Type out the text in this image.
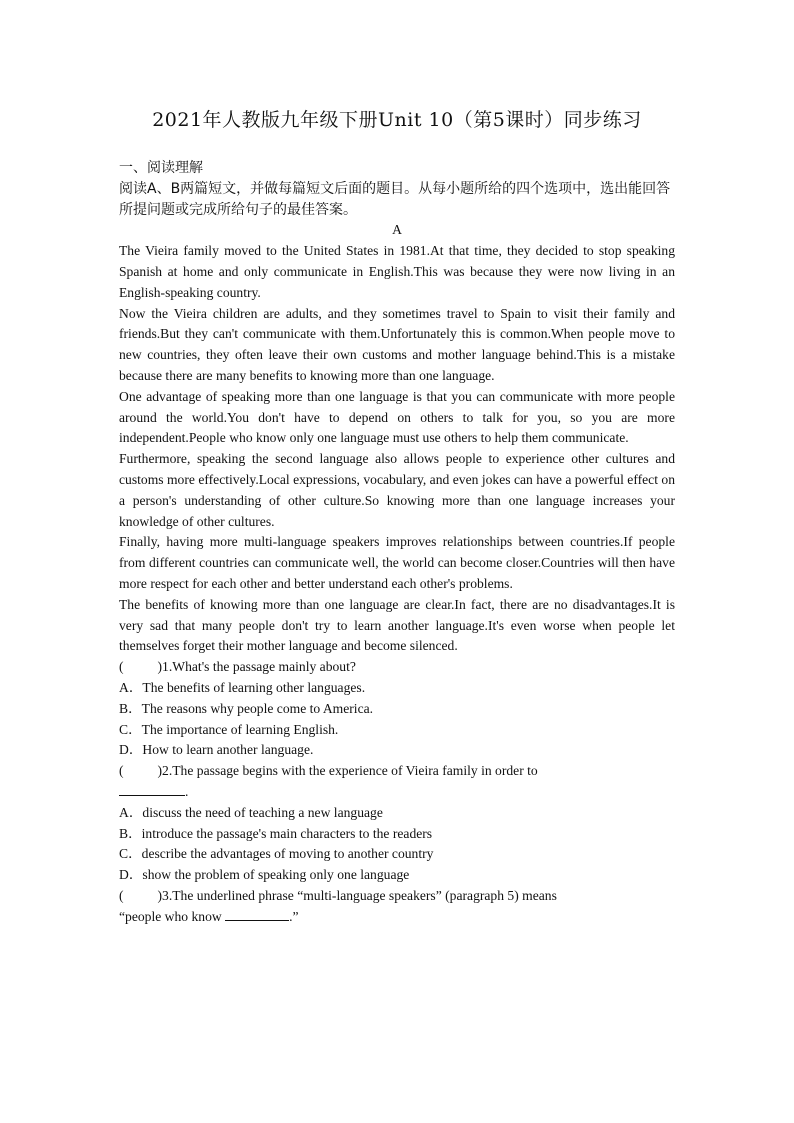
2021年人教版九年级下册Unit 10（第5课时）同步练习

一、阅读理解

阅读A、B两篇短文，并做每篇短文后面的题目。从每小题所给的四个选项中，选出能回答所提问题或完成所给句子的最佳答案。

A

The Vieira family moved to the United States in 1981.At that time, they decided to stop speaking Spanish at home and only communicate in English.This was because they were now living in an English-speaking country.

Now the Vieira children are adults, and they sometimes travel to Spain to visit their family and friends.But they can't communicate with them.Unfortunately this is common.When people move to new countries, they often leave their own customs and mother language behind.This is a mistake because there are many benefits to knowing more than one language.

One advantage of speaking more than one language is that you can communicate with more people around the world.You don't have to depend on others to talk for you, so you are more independent.People who know only one language must use others to help them communicate.

Furthermore, speaking the second language also allows people to experience other cultures and customs more effectively.Local expressions, vocabulary, and even jokes can have a powerful effect on a person's understanding of other culture.So knowing more than one language increases your knowledge of other cultures.

Finally, having more multi-language speakers improves relationships between countries.If people from different countries can communicate well, the world can become closer.Countries will then have more respect for each other and better understand each other's problems.

The benefits of knowing more than one language are clear.In fact, there are no disadvantages.It is very sad that many people don't try to learn another language.It's even worse when people let themselves forget their mother language and become silenced.

(	)1.What's the passage mainly about?

A．The benefits of learning other languages.

B．The reasons why people come to America.

C．The importance of learning English.

D．How to learn another language.

(	)2.The passage begins with the experience of Vieira family in order to

.

A．discuss the need of teaching a new language

B．introduce the passage's main characters to the readers

C．describe the advantages of moving to another country

D．show the problem of speaking only one language

(	)3.The underlined phrase “multi-language speakers” (paragraph 5) means

“people who know	.”
